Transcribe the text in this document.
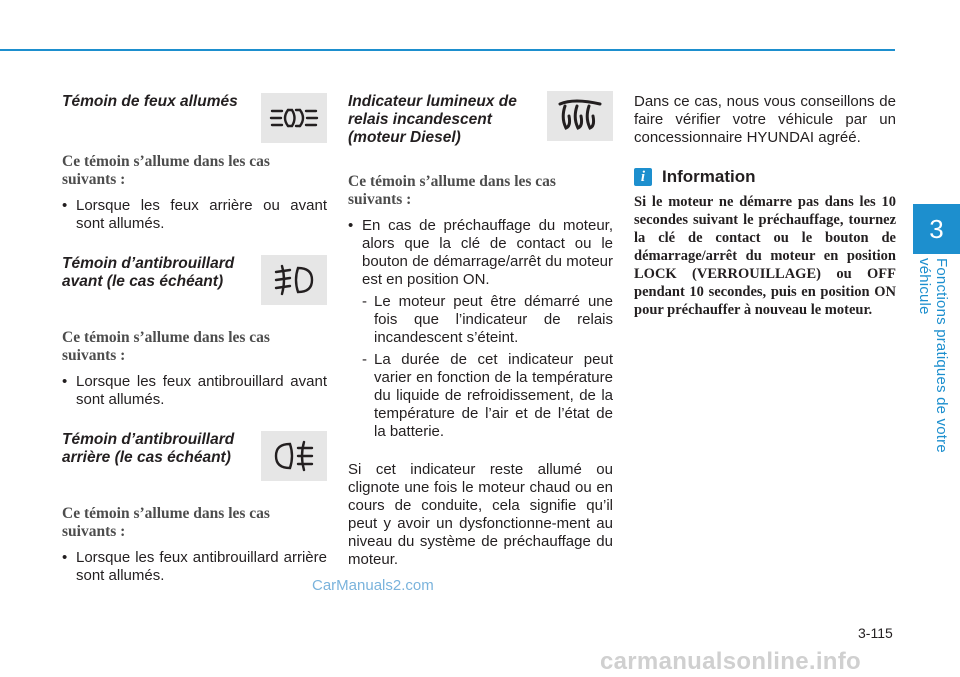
3
Fonctions pratiques de votre véhicule
Témoin de feux allumés
Ce témoin s’allume dans les cas suivants :
• Lorsque les feux arrière ou avant sont allumés.
Témoin d’antibrouillard avant (le cas échéant)
Ce témoin s’allume dans les cas suivants :
• Lorsque les feux antibrouillard avant sont allumés.
Témoin d’antibrouillard arrière (le cas échéant)
Ce témoin s’allume dans les cas suivants :
• Lorsque les feux antibrouillard arrière sont allumés.
Indicateur lumineux de relais incandescent (moteur Diesel)
Ce témoin s’allume dans les cas suivants :
• En cas de préchauffage du moteur, alors que la clé de contact ou le bouton de démarrage/arrêt du moteur est en position ON.
- Le moteur peut être démarré une fois que l’indicateur de relais incandescent s’éteint.
- La durée de cet indicateur peut varier en fonction de la température du liquide de refroidissement, de la température de l’air et de l’état de la batterie.
Si cet indicateur reste allumé ou clignote une fois le moteur chaud ou en cours de conduite, cela signifie qu’il peut y avoir un dysfonctionne-ment au niveau du système de préchauffage du moteur.
Dans ce cas, nous vous conseillons de faire vérifier votre véhicule par un concessionnaire HYUNDAI agréé.
i Information
Si le moteur ne démarre pas dans les 10 secondes suivant le préchauffage, tournez la clé de contact ou le bouton de démarrage/arrêt du moteur en position LOCK (VERROUILLAGE) ou OFF pendant 10 secondes, puis en position ON pour préchauffer à nouveau le moteur.
3-115
CarManuals2.com
carmanualsonline.info
